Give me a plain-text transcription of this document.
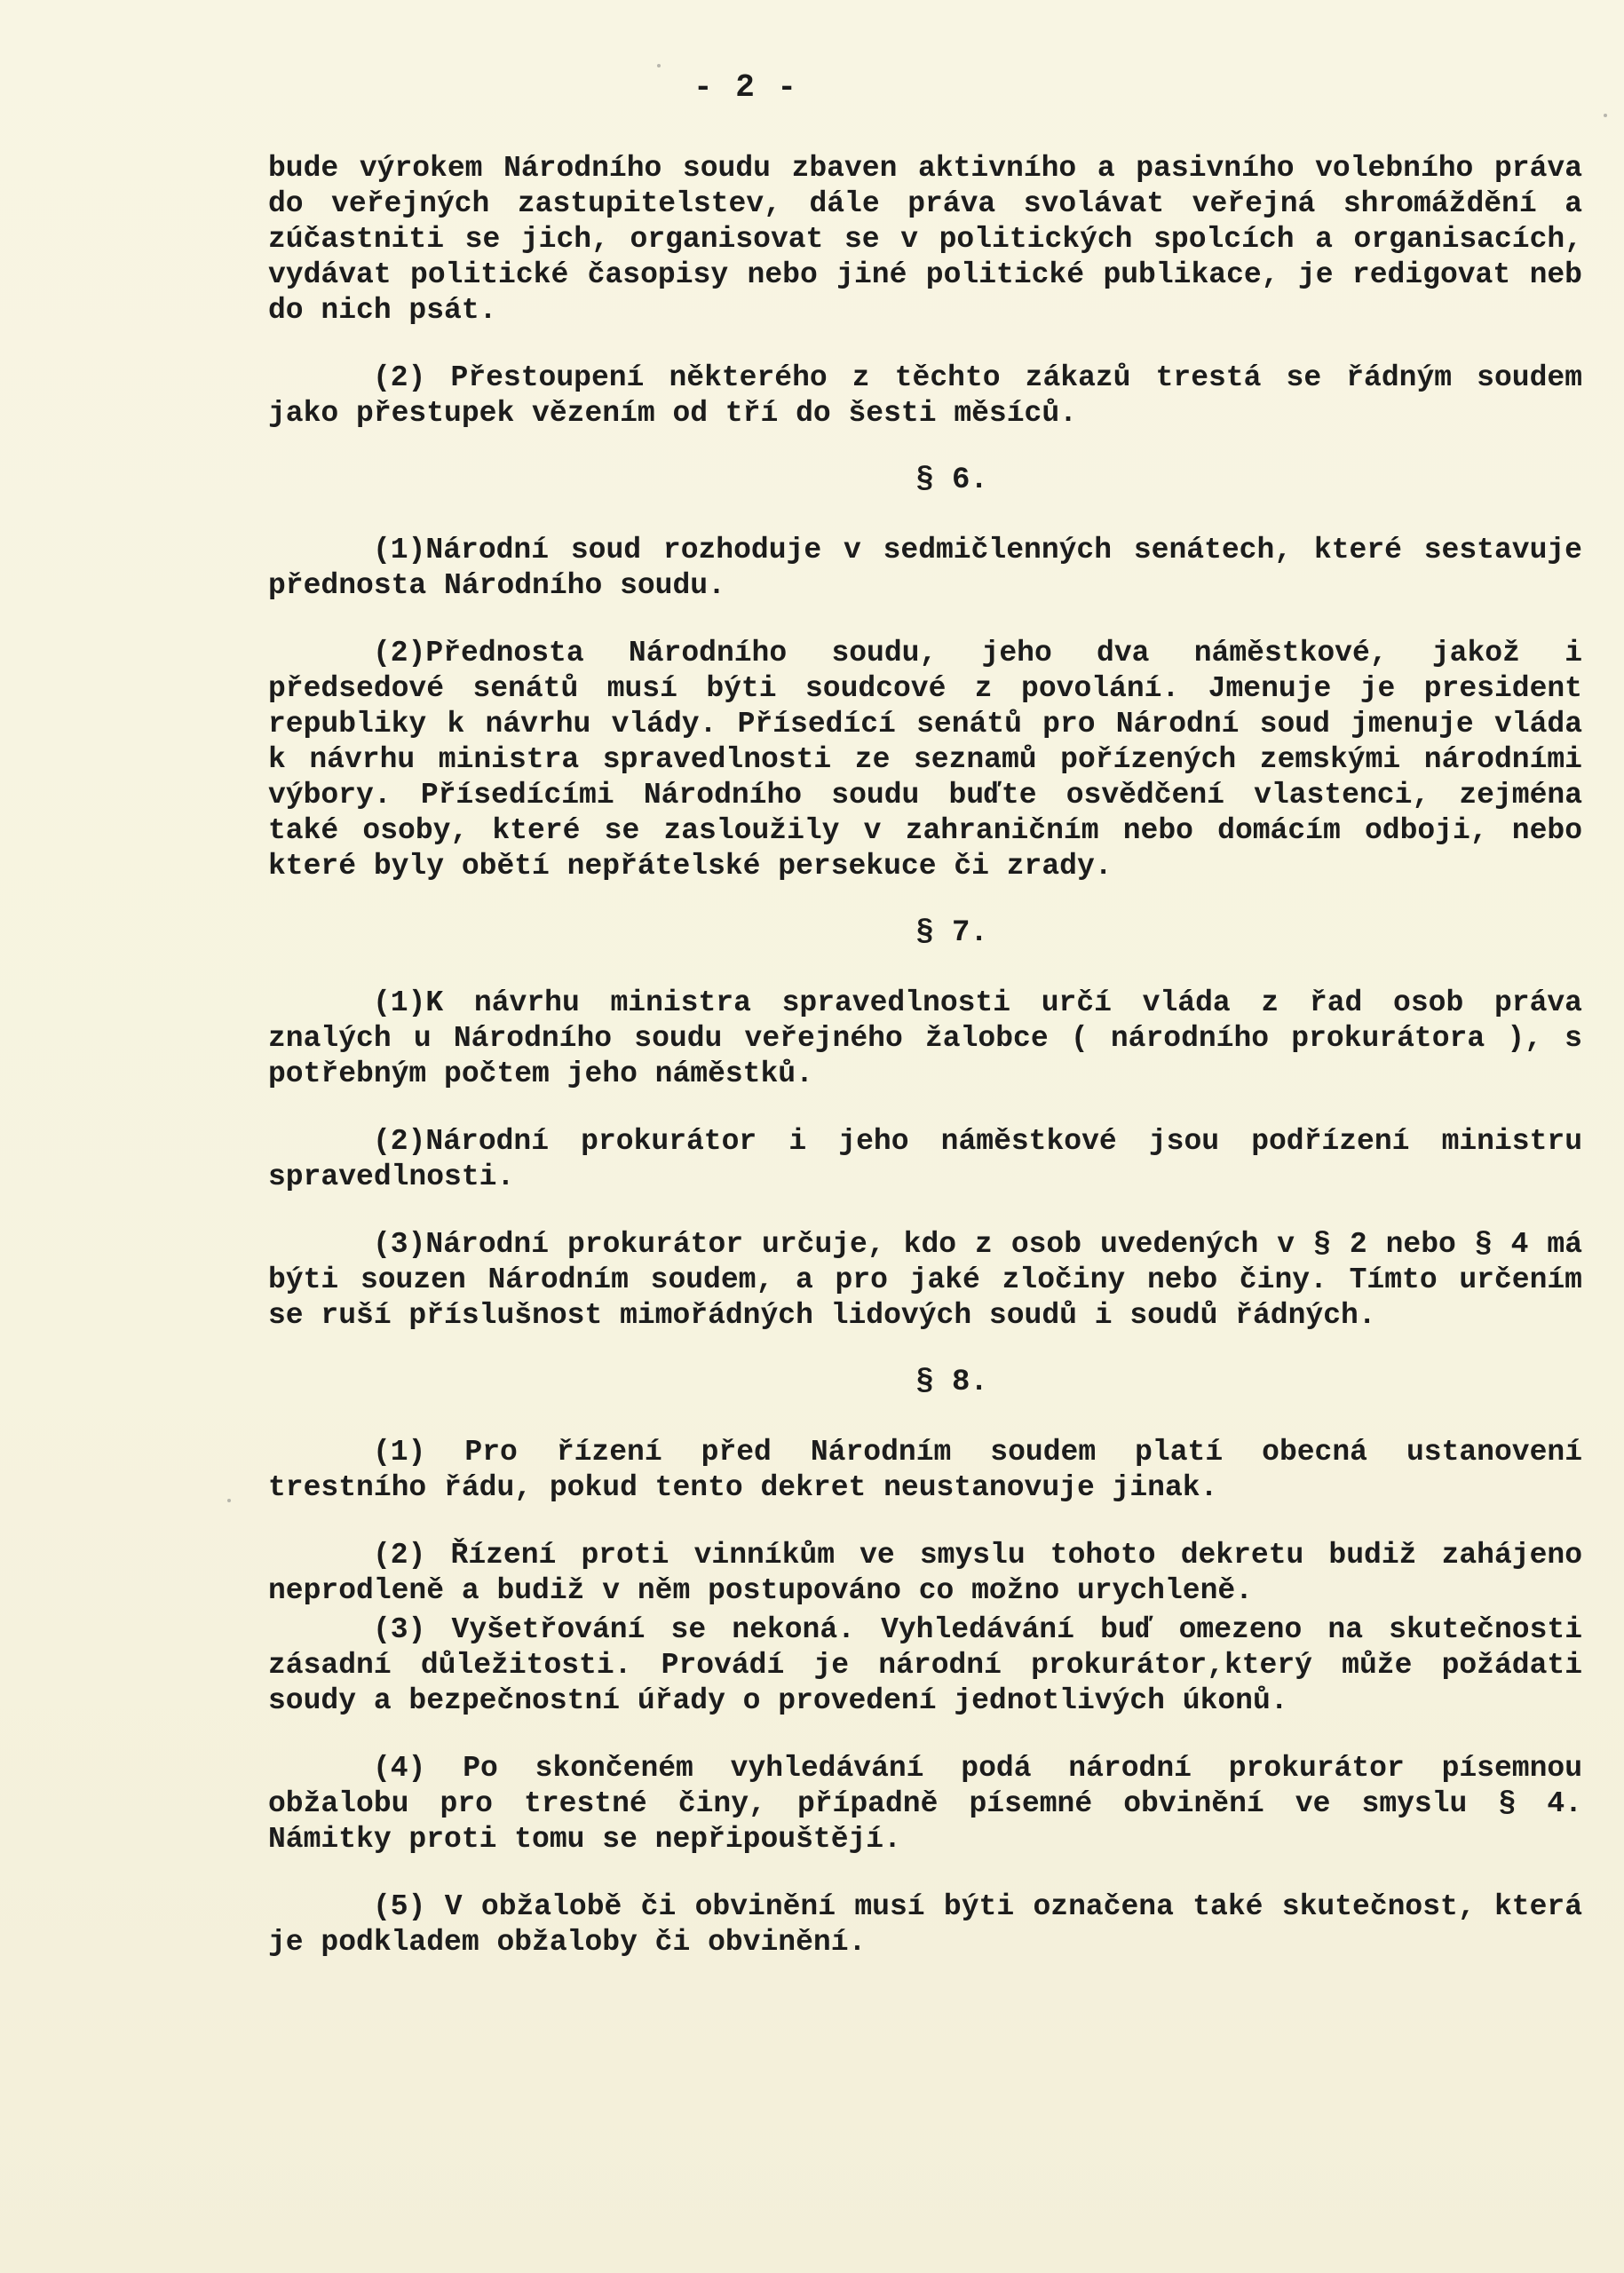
- 2 -

bude výrokem Národního soudu zbaven aktivního a pasivního volebního práva do veřejných zastupitelstev, dále práva svolávat veřejná shromáždění a zúčastniti se jich, organisovat se v politických spolcích a organisacích, vydávat politické časopisy nebo jiné politické publikace, je redigovat neb do nich psát.

(2) Přestoupení některého z těchto zákazů trestá se řádným soudem jako přestupek vězením od tří do šesti měsíců.

§ 6.

(1)Národní soud rozhoduje v sedmičlenných senátech, které sestavuje přednosta Národního soudu.

(2)Přednosta Národního soudu, jeho dva náměstkové, jakož i předsedové senátů musí býti soudcové z povolání. Jmenuje je president republiky k návrhu vlády. Přísedící senátů pro Národní soud jmenuje vláda k návrhu ministra spravedlnosti ze seznamů pořízených zemskými národními výbory. Přísedícími Národního soudu buďte osvědčení vlastenci, zejména také osoby, které se zasloužily v zahraničním nebo domácím odboji, nebo které byly obětí nepřátelské persekuce či zrady.

§ 7.

(1)K návrhu ministra spravedlnosti určí vláda z řad osob práva znalých u Národního soudu veřejného žalobce ( národního prokurátora ), s potřebným počtem jeho náměstků.

(2)Národní prokurátor i jeho náměstkové jsou podřízení ministru spravedlnosti.

(3)Národní prokurátor určuje, kdo z osob uvedených v § 2 nebo § 4 má býti souzen Národním soudem, a pro jaké zločiny nebo činy. Tímto určením se ruší příslušnost mimořádných lidových soudů i soudů řádných.

§ 8.

(1) Pro řízení před Národním soudem platí obecná ustanovení trestního řádu, pokud tento dekret neustanovuje jinak.

(2) Řízení proti vinníkům ve smyslu tohoto dekretu budiž zahájeno neprodleně a budiž v něm postupováno co možno urychleně.

(3) Vyšetřování se nekoná. Vyhledávání buď omezeno na skutečnosti zásadní důležitosti. Provádí je národní prokurátor,který může požádati soudy a bezpečnostní úřady o provedení jednotlivých úkonů.

(4) Po skončeném vyhledávání podá národní prokurátor písemnou obžalobu pro trestné činy, případně písemné obvinění ve smyslu § 4. Námitky proti tomu se nepřipouštějí.

(5) V obžalobě či obvinění musí býti označena také skutečnost, která je podkladem obžaloby či obvinění.
